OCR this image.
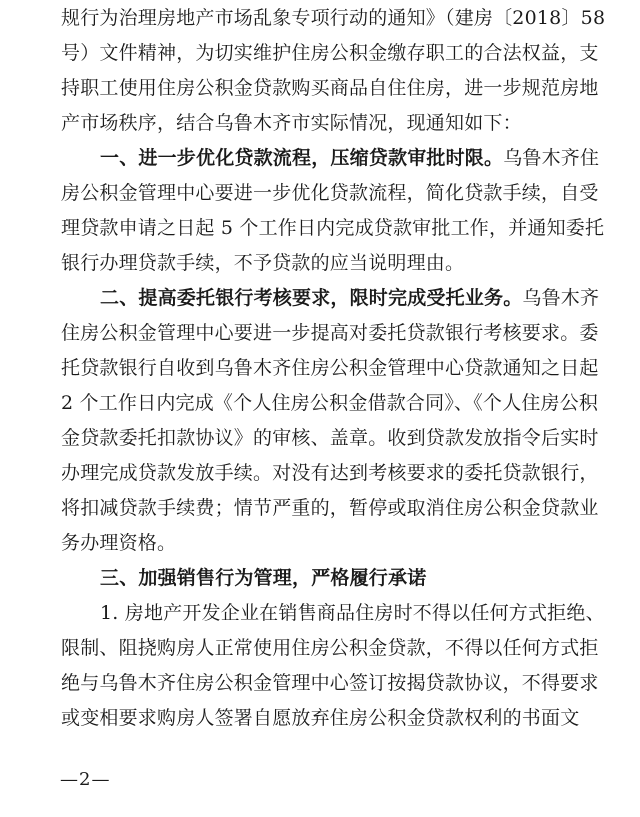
规行为治理房地产市场乱象专项行动的通知》（建房〔2018〕58
号）文件精神，为切实维护住房公积金缴存职工的合法权益，支
持职工使用住房公积金贷款购买商品自住住房，进一步规范房地
产市场秩序，结合乌鲁木齐市实际情况，现通知如下：
一、进一步优化贷款流程，压缩贷款审批时限。乌鲁木齐住
房公积金管理中心要进一步优化贷款流程，简化贷款手续，自受
理贷款申请之日起 5 个工作日内完成贷款审批工作，并通知委托
银行办理贷款手续，不予贷款的应当说明理由。
二、提高委托银行考核要求，限时完成受托业务。乌鲁木齐
住房公积金管理中心要进一步提高对委托贷款银行考核要求。委
托贷款银行自收到乌鲁木齐住房公积金管理中心贷款通知之日起
2 个工作日内完成《个人住房公积金借款合同》、《个人住房公积
金贷款委托扣款协议》的审核、盖章。收到贷款发放指令后实时
办理完成贷款发放手续。对没有达到考核要求的委托贷款银行，
将扣减贷款手续费；情节严重的，暂停或取消住房公积金贷款业
务办理资格。
三、加强销售行为管理，严格履行承诺
1. 房地产开发企业在销售商品住房时不得以任何方式拒绝、
限制、阻挠购房人正常使用住房公积金贷款，不得以任何方式拒
绝与乌鲁木齐住房公积金管理中心签订按揭贷款协议，不得要求
或变相要求购房人签署自愿放弃住房公积金贷款权利的书面文
—2—
